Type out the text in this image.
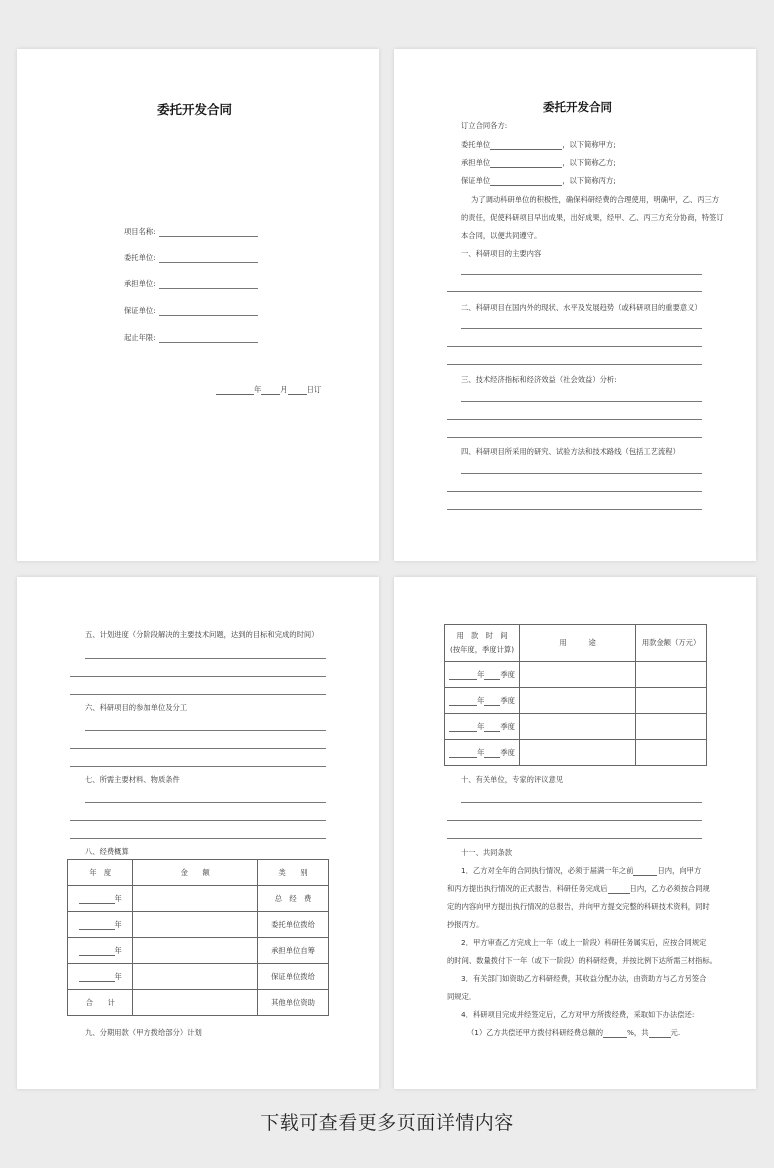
委托开发合同
项目名称:
委托单位:
承担单位:
保证单位:
起止年限:
年	月	日订
委托开发合同
订立合同各方:
委托单位	，以下简称甲方;
承担单位	，以下简称乙方;
保证单位	，以下简称丙方;
为了调动科研单位的积极性，确保科研经费的合理使用，明确甲，乙、丙三方
的责任，促使科研项目早出成果，出好成果，经甲、乙、丙三方充分协商，特签订
本合同，以便共同遵守。
一、科研项目的主要内容
二、科研项目在国内外的现状、水平及发展趋势（或科研项目的重要意义）
三、技术经济指标和经济效益（社会效益）分析:
四、科研项目所采用的研究、试验方法和技术路线（包括工艺流程）
五、计划进度（分阶段解决的主要技术问题，达到的目标和完成的时间）
六、科研项目的参加单位及分工
七、所需主要材料、物质条件
八、经费概算
年　度	金　　额	类　　别
年		总　经　费
年		委托单位拨给
年		承担单位自筹
年		保证单位拨给
合　　计		其他单位资助
九、分期用款（甲方拨给部分）计划
用　款　时　间
(按年度，季度计算)	用　　　途	用款金额（万元）
年 季度		
年 季度		
年 季度		
年 季度		
十、有关单位，专家的评议意见
十一、共同条款
1．乙方对全年的合同执行情况，必须于届满一年之前	日内，向甲方
和丙方提出执行情况的正式报告．科研任务完成后	日内，乙方必须按合同规
定的内容向甲方提出执行情况的总报告，并向甲方提交完整的科研技术资料，同时
抄报丙方。
2．甲方审查乙方完成上一年（或上一阶段）科研任务属实后，应按合同规定
的时间、数量拨付下一年（或下一阶段）的科研经费，并按比例下达所需三材指标。
3．有关部门如资助乙方科研经费，其收益分配办法，由资助方与乙方另签合
同规定．
4．科研项目完成并经签定后，乙方对甲方所拨经费，采取如下办法偿还:
（1）乙方共偿还甲方拨付科研经费总额的	%，共	元.
下载可查看更多页面详情内容
